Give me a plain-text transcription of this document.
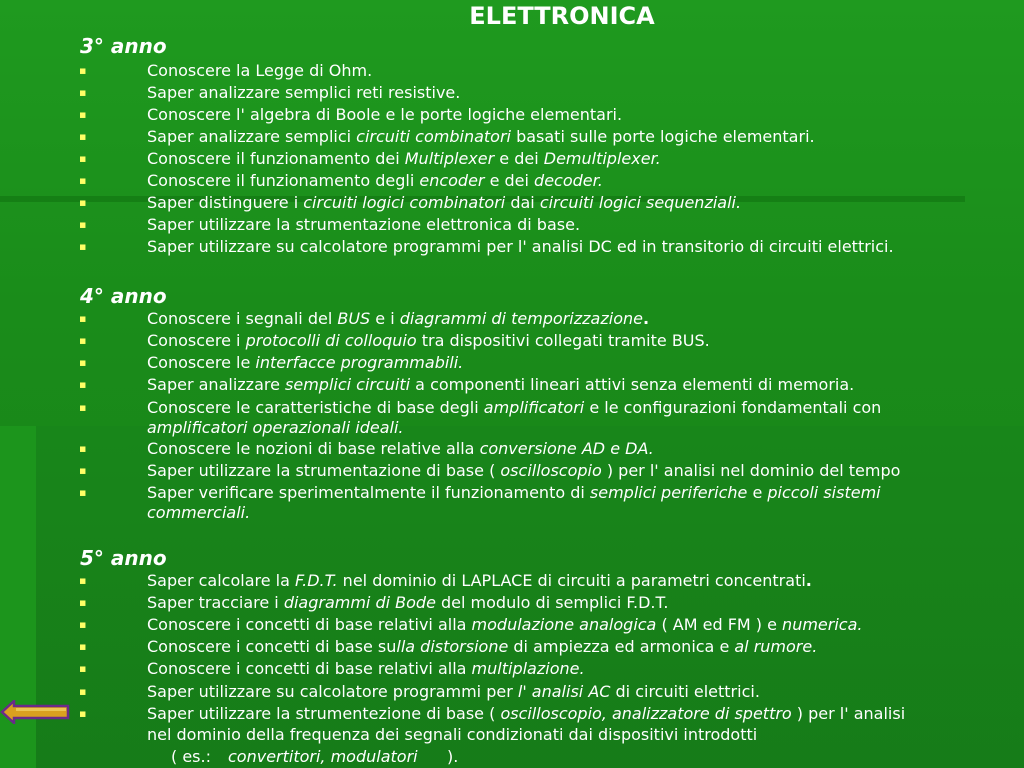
ELETTRONICA
3° anno
▪	Conoscere la Legge di Ohm.
▪	Saper analizzare semplici reti resistive.
▪	Conoscere l' algebra di Boole e le porte logiche elementari.
▪	Saper analizzare semplici circuiti combinatori basati sulle porte logiche elementari.
▪	Conoscere il funzionamento dei Multiplexer e dei Demultiplexer.
▪	Conoscere il funzionamento degli encoder e dei decoder.
▪	Saper distinguere i circuiti logici combinatori dai circuiti logici sequenziali.
▪	Saper utilizzare la strumentazione elettronica di base.
▪	Saper utilizzare su calcolatore programmi per l' analisi DC ed in transitorio di circuiti elettrici.
4° anno
▪	Conoscere i segnali del BUS e i diagrammi di temporizzazione.
▪	Conoscere i protocolli di colloquio tra dispositivi collegati tramite BUS.
▪	Conoscere le interfacce programmabili.
▪	Saper analizzare semplici circuiti a componenti lineari attivi senza elementi di memoria.
▪	Conoscere le caratteristiche di base degli amplificatori e le configurazioni fondamentali con
▪	Conoscere le nozioni di base relative alla conversione AD e DA.
▪	Saper utilizzare la strumentazione di base ( oscilloscopio ) per l' analisi nel dominio del tempo
▪	Saper verificare sperimentalmente il funzionamento di semplici periferiche e piccoli sistemi
5° anno
▪	Saper calcolare la F.D.T. nel dominio di LAPLACE di circuiti a parametri concentrati.
▪	Saper tracciare i diagrammi di Bode del modulo di semplici F.D.T.
▪	Conoscere i concetti di base relativi alla modulazione analogica ( AM ed FM ) e numerica.
▪	Conoscere i concetti di base sulla distorsione di ampiezza ed armonica e al rumore.
▪	Conoscere i concetti di base relativi alla multiplazione.
▪	Saper utilizzare su calcolatore programmi per l' analisi AC di circuiti elettrici.
▪	Saper utilizzare la strumentezione di base ( oscilloscopio, analizzatore di spettro ) per l' analisi
amplificatori operazionali ideali.
commerciali.
nel dominio della frequenza dei segnali condizionati dai dispositivi introdotti
( es.: convertitori, modulatori ).
